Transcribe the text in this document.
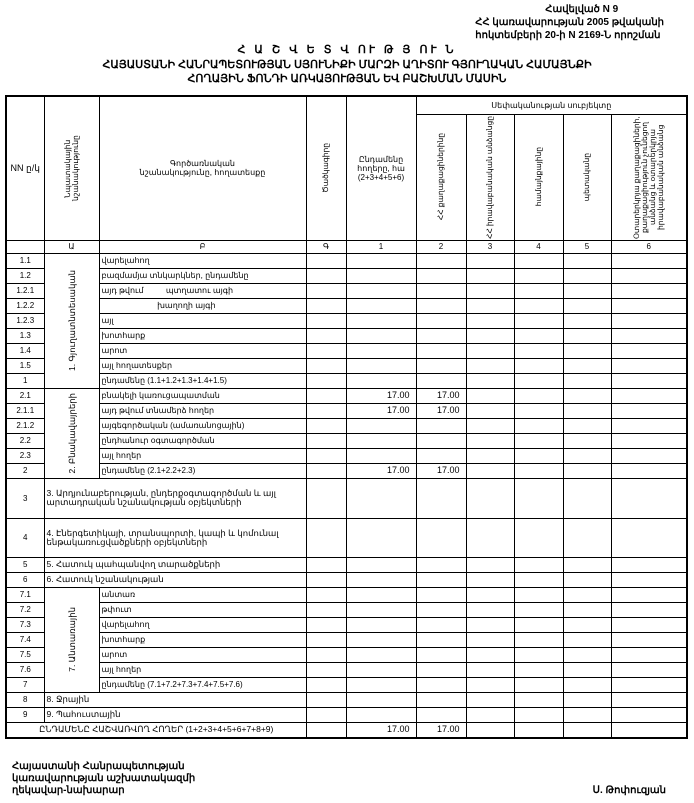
Հավելված N 9
ՀՀ կառավարության 2005 թվականի
հոկտեմբերի 20-ի N 2169-Ն որոշման
Հ Ա Շ Վ Ե Տ Վ ՈՒ Թ Յ ՈՒ Ն
ՀԱՅԱՍՏԱՆԻ ՀԱՆՐԱՊԵՏՈՒԹՅԱՆ ՍՅՈՒՆԻՔԻ ՄԱՐԶԻ ԱՂԻՏՈՒ ԳՅՈՒՂԱԿԱՆ ՀԱՄԱՅՆՔԻ
ՀՈՂԱՅԻՆ ՖՈՆԴԻ ԱՌԿԱՅՈՒԹՅԱՆ ԵՎ ԲԱՇԽՄԱՆ ՄԱՍԻՆ
NN ը/կ	Նպատակային նշանակությունը	Գործառնական նշանակությունը, հողատեսքը	Ծածկագիրը	Ընդամենը հողերը, հա (2+3+4+5+6)	Սեփականության սուբյեկտը				

					ՀՀ քաղաքացիներինը	ՀՀ իրավաբանական անձանցը	համայնքայինը	պետականը	Օտարերկրյա քաղաքացիների, քաղաքացիություն չունեցող անձանց և օտարերկրյա իրավաբանական անձանց

	Ա	Բ	Գ	1	2	3	4	5	6
1.1	1. Գյուղատնտեսական	վարելահող							
1.2		բազմամյա տնկարկներ, ընդամենը							
1.2.1		այդ թվում          պտղատու այգի							
1.2.2		խաղողի այգի							
1.2.3		այլ							
1.3		խոտհարք							
1.4		արոտ							
1.5		այլ հողատեսքեր							
1		ընդամենը (1.1+1.2+1.3+1.4+1.5)							
2.1	2. Բնակավայրերի	բնակելի կառուցապատման		17.00	17.00				
2.1.1		այդ թվում տնամերձ հողեր		17.00	17.00				
2.1.2		այգեգործական (ամառանոցային)							
2.2		ընդհանուր օգտագործման							
2.3		այլ հողեր							
2		ընդամենը (2.1+2.2+2.3)		17.00	17.00				
3	3. Արդյունաբերության, ընդերքօգտագործման և այլ արտադրական նշանակության օբյեկտների								
4	4. Էներգետիկայի, տրանսպորտի, կապի և կոմունալ ենթակառուցվածքների օբյեկտների								
5	5. Հատուկ պահպանվող տարածքների								
6	6. Հատուկ նշանակության								
7.1	7. Անտառային	անտառ							
7.2		թփուտ							
7.3		վարելահող							
7.4		խոտհարք							
7.5		արոտ							
7.6		այլ հողեր							
7		ընդամենը (7.1+7.2+7.3+7.4+7.5+7.6)							
8	8. Ջրային								
9	9. Պահուստային								
ԸՆԴԱՄԵՆԸ ՀԱՇՎԱՌՎՈՂ ՀՈՂԵՐ (1+2+3+4+5+6+7+8+9)				17.00	17.00				
Հայաստանի Հանրապետության
կառավարության աշխատակազմի
ղեկավար-նախարար	Ս. Թոփուզյան
